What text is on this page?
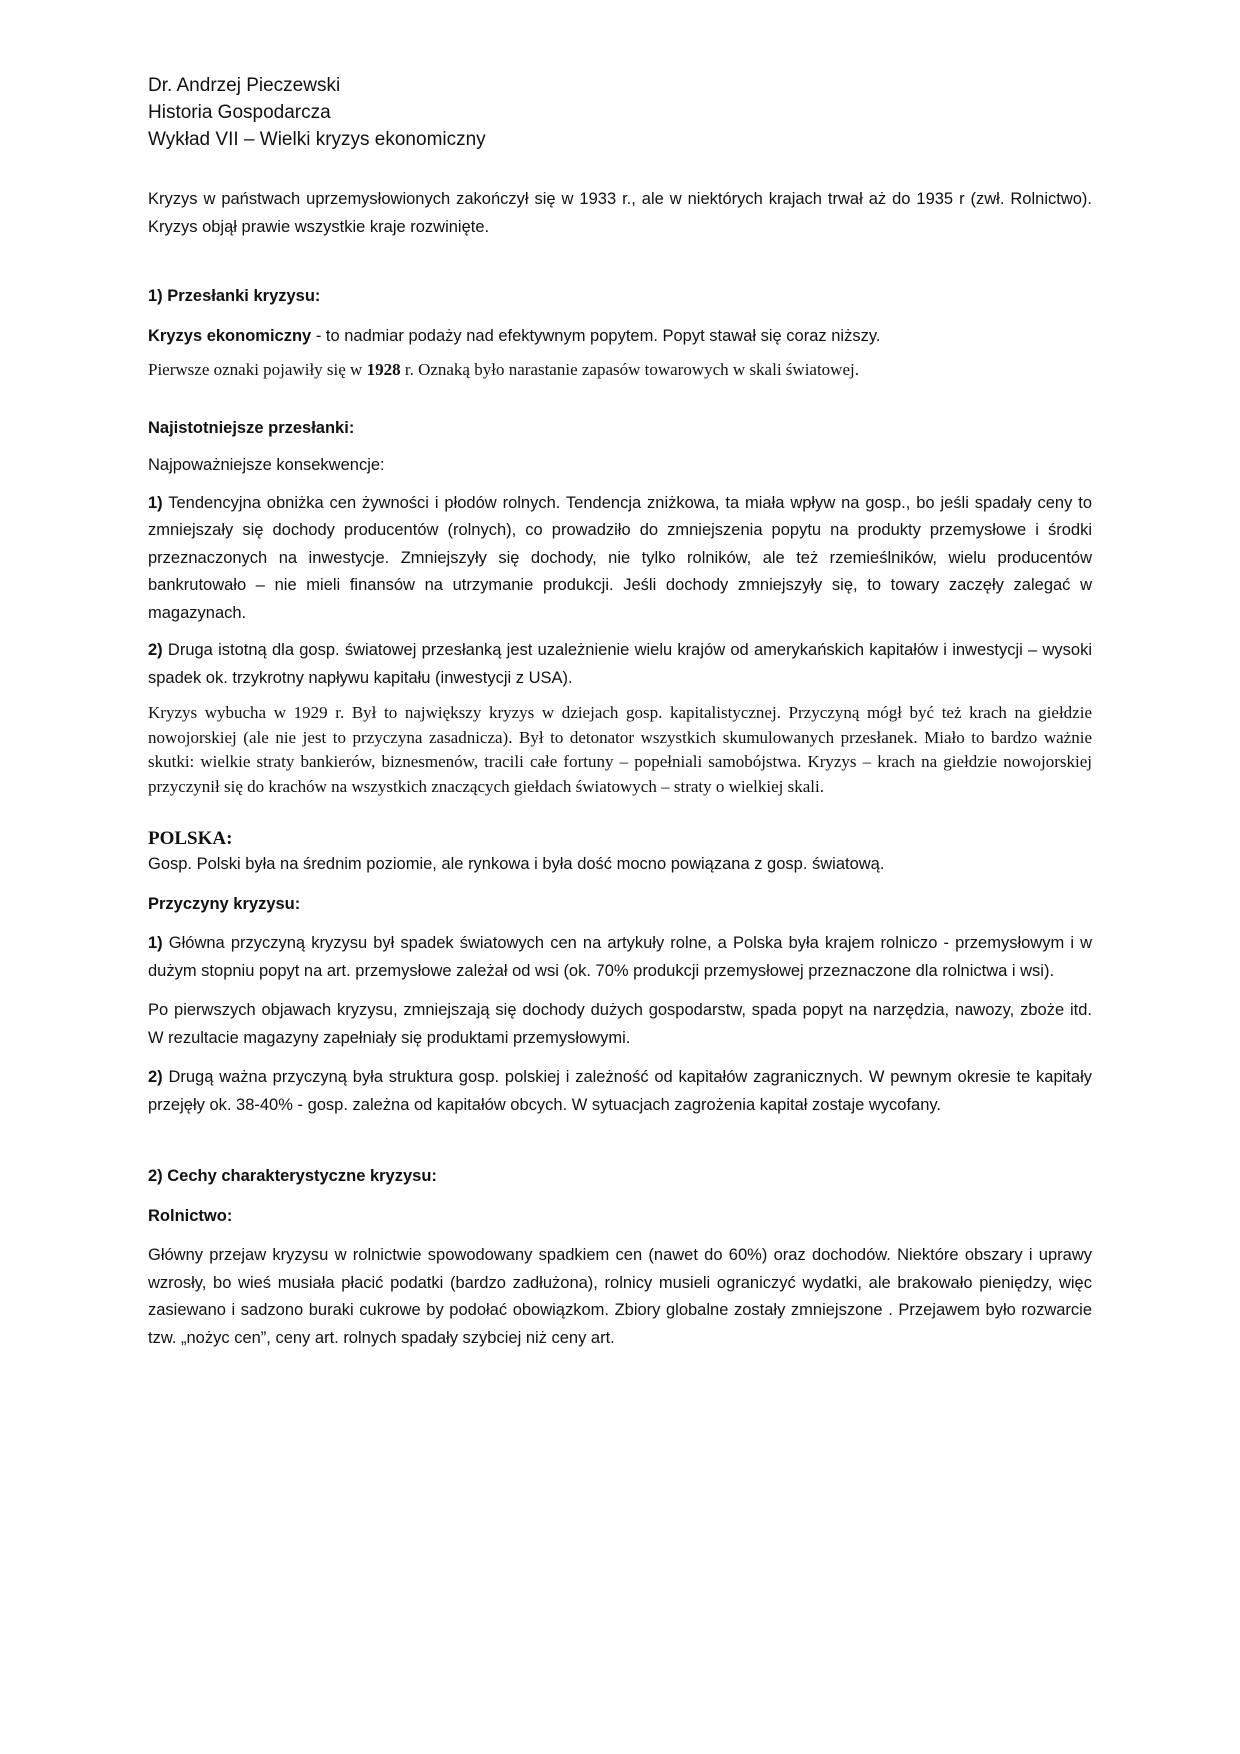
Dr. Andrzej Pieczewski
Historia Gospodarcza
Wykład VII – Wielki kryzys ekonomiczny

Kryzys w państwach uprzemysłowionych zakończył się w 1933 r., ale w niektórych krajach trwał aż do 1935 r (zwł. Rolnictwo). Kryzys objął prawie wszystkie kraje rozwinięte.

1) Przesłanki kryzysu:

Kryzys ekonomiczny - to nadmiar podaży nad efektywnym popytem. Popyt stawał się coraz niższy.

Pierwsze oznaki pojawiły się w 1928 r. Oznaką było narastanie zapasów towarowych w skali światowej.

Najistotniejsze przesłanki:

Najpoważniejsze konsekwencje:

1) Tendencyjna obniżka cen żywności i płodów rolnych. Tendencja zniżkowa, ta miała wpływ na gosp., bo jeśli spadały ceny to zmniejszały się dochody producentów (rolnych), co prowadziło do zmniejszenia popytu na produkty przemysłowe i środki przeznaczonych na inwestycje. Zmniejszyły się dochody, nie tylko rolników, ale też rzemieślników, wielu producentów bankrutowało – nie mieli finansów na utrzymanie produkcji. Jeśli dochody zmniejszyły się, to towary zaczęły zalegać w magazynach.

2) Druga istotną dla gosp. światowej przesłanką jest uzależnienie wielu krajów od amerykańskich kapitałów i inwestycji – wysoki spadek ok. trzykrotny napływu kapitału (inwestycji z USA).

Kryzys wybucha w 1929 r. Był to największy kryzys w dziejach gosp. kapitalistycznej. Przyczyną mógł być też krach na giełdzie nowojorskiej (ale nie jest to przyczyna zasadnicza). Był to detonator wszystkich skumulowanych przesłanek. Miało to bardzo ważnie skutki: wielkie straty bankierów, biznesmenów, tracili całe fortuny – popełniali samobójstwa. Kryzys – krach na giełdzie nowojorskiej przyczynił się do krachów na wszystkich znaczących giełdach światowych – straty o wielkiej skali.

POLSKA:

Gosp. Polski była na średnim poziomie, ale rynkowa i była dość mocno powiązana z gosp. światową.

Przyczyny kryzysu:

1) Główna przyczyną kryzysu był spadek światowych cen na artykuły rolne, a Polska była krajem rolniczo - przemysłowym i w dużym stopniu popyt na art. przemysłowe zależał od wsi (ok. 70% produkcji przemysłowej przeznaczone dla rolnictwa i wsi).

Po pierwszych objawach kryzysu, zmniejszają się dochody dużych gospodarstw, spada popyt na narzędzia, nawozy, zboże itd. W rezultacie magazyny zapełniały się produktami przemysłowymi.

2) Drugą ważna przyczyną była struktura gosp. polskiej i zależność od kapitałów zagranicznych. W pewnym okresie te kapitały przejęły ok. 38-40% - gosp. zależna od kapitałów obcych. W sytuacjach zagrożenia kapitał zostaje wycofany.

2) Cechy charakterystyczne kryzysu:

Rolnictwo:

Główny przejaw kryzysu w rolnictwie spowodowany spadkiem cen (nawet do 60%) oraz dochodów. Niektóre obszary i uprawy wzrosły, bo wieś musiała płacić podatki (bardzo zadłużona), rolnicy musieli ograniczyć wydatki, ale brakowało pieniędzy, więc zasiewano i sadzono buraki cukrowe by podołać obowiązkom. Zbiory globalne zostały zmniejszone . Przejawem było rozwarcie tzw. „nożyc cen”, ceny art. rolnych spadały szybciej niż ceny art.
